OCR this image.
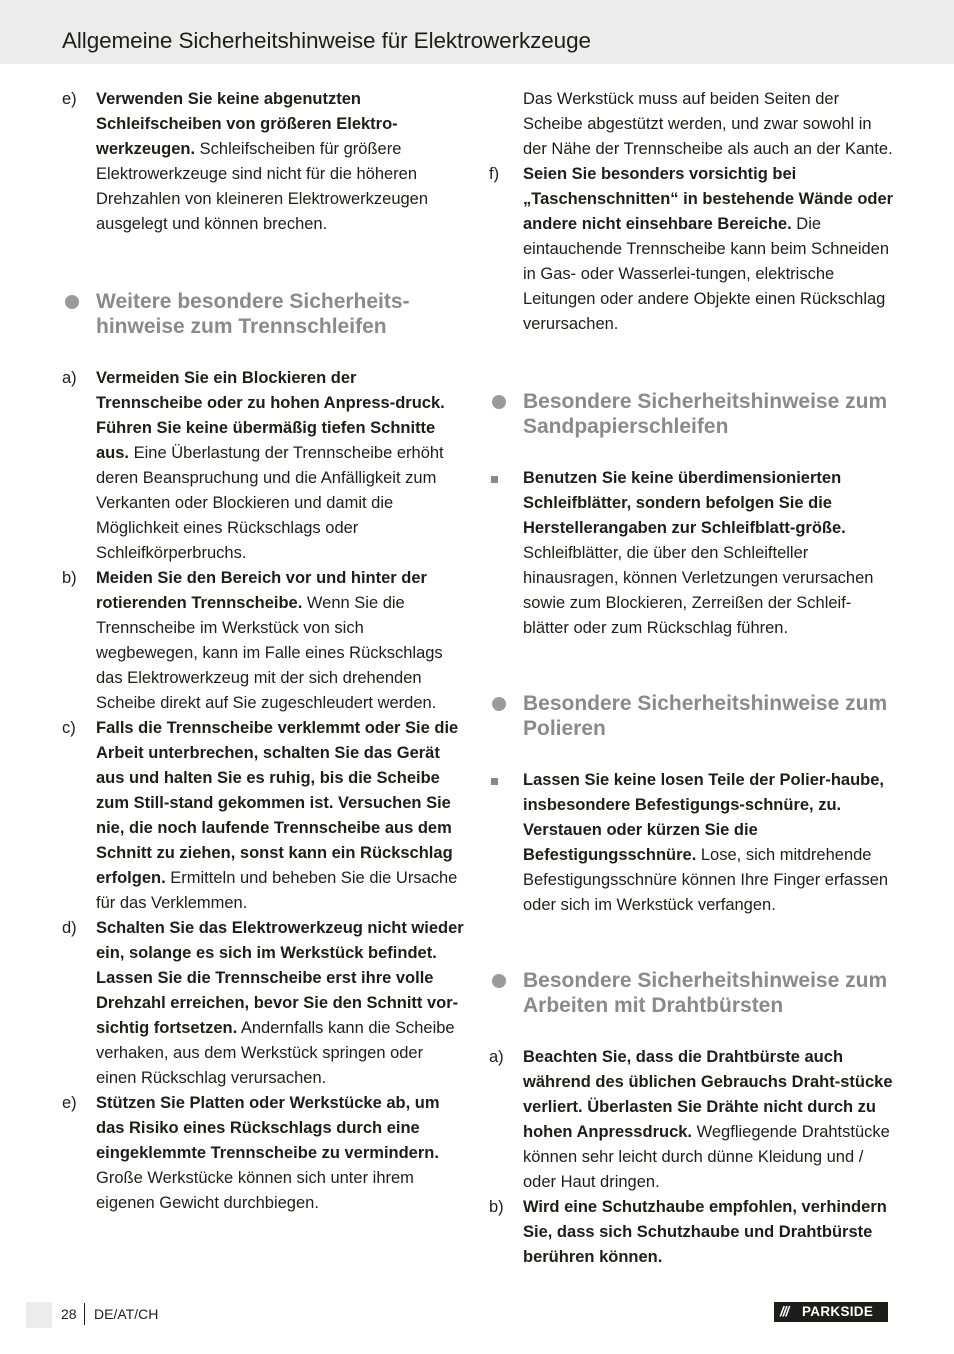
Allgemeine Sicherheitshinweise für Elektrowerkzeuge
e) Verwenden Sie keine abgenutzten Schleifscheiben von größeren Elektro-werkzeugen. Schleifscheiben für größere Elektrowerkzeuge sind nicht für die höheren Drehzahlen von kleineren Elektrowerkzeugen ausgelegt und können brechen.
Weitere besondere Sicherheits-hinweise zum Trennschleifen
a) Vermeiden Sie ein Blockieren der Trennscheibe oder zu hohen Anpress-druck. Führen Sie keine übermäßig tiefen Schnitte aus. Eine Überlastung der Trennscheibe erhöht deren Beanspruchung und die Anfälligkeit zum Verkanten oder Blockieren und damit die Möglichkeit eines Rückschlags oder Schleifkörperbruchs.
b) Meiden Sie den Bereich vor und hinter der rotierenden Trennscheibe. Wenn Sie die Trennscheibe im Werkstück von sich wegbewegen, kann im Falle eines Rückschlags das Elektrowerkzeug mit der sich drehenden Scheibe direkt auf Sie zugeschleudert werden.
c) Falls die Trennscheibe verklemmt oder Sie die Arbeit unterbrechen, schalten Sie das Gerät aus und halten Sie es ruhig, bis die Scheibe zum Still-stand gekommen ist. Versuchen Sie nie, die noch laufende Trennscheibe aus dem Schnitt zu ziehen, sonst kann ein Rückschlag erfolgen. Ermitteln und beheben Sie die Ursache für das Verklemmen.
d) Schalten Sie das Elektrowerkzeug nicht wieder ein, solange es sich im Werkstück befindet. Lassen Sie die Trennscheibe erst ihre volle Drehzahl erreichen, bevor Sie den Schnitt vor-sichtig fortsetzen. Andernfalls kann die Scheibe verhaken, aus dem Werkstück springen oder einen Rückschlag verursachen.
e) Stützen Sie Platten oder Werkstücke ab, um das Risiko eines Rückschlags durch eine eingeklemmte Trennscheibe zu vermindern. Große Werkstücke können sich unter ihrem eigenen Gewicht durchbiegen.
Das Werkstück muss auf beiden Seiten der Scheibe abgestützt werden, und zwar sowohl in der Nähe der Trennscheibe als auch an der Kante.
f) Seien Sie besonders vorsichtig bei „Taschenschnitten“ in bestehende Wände oder andere nicht einsehbare Bereiche. Die eintauchende Trennscheibe kann beim Schneiden in Gas- oder Wasserlei-tungen, elektrische Leitungen oder andere Objekte einen Rückschlag verursachen.
Besondere Sicherheitshinweise zum Sandpapierschleifen
Benutzen Sie keine überdimensionierten Schleifblätter, sondern befolgen Sie die Herstellerangaben zur Schleifblatt-größe. Schleifblätter, die über den Schleifteller hinausragen, können Verletzungen verursachen sowie zum Blockieren, Zerreißen der Schleif-blätter oder zum Rückschlag führen.
Besondere Sicherheitshinweise zum Polieren
Lassen Sie keine losen Teile der Polier-haube, insbesondere Befestigungs-schnüre, zu. Verstauen oder kürzen Sie die Befestigungsschnüre. Lose, sich mitdrehende Befestigungsschnüre können Ihre Finger erfassen oder sich im Werkstück verfangen.
Besondere Sicherheitshinweise zum Arbeiten mit Drahtbürsten
a) Beachten Sie, dass die Drahtbürste auch während des üblichen Gebrauchs Draht-stücke verliert. Überlasten Sie Drähte nicht durch zu hohen Anpressdruck. Wegfliegende Drahtstücke können sehr leicht durch dünne Kleidung und / oder Haut dringen.
b) Wird eine Schutzhaube empfohlen, verhindern Sie, dass sich Schutzhaube und Drahtbürste berühren können.
28 DE/AT/CH	/// PARKSIDE
